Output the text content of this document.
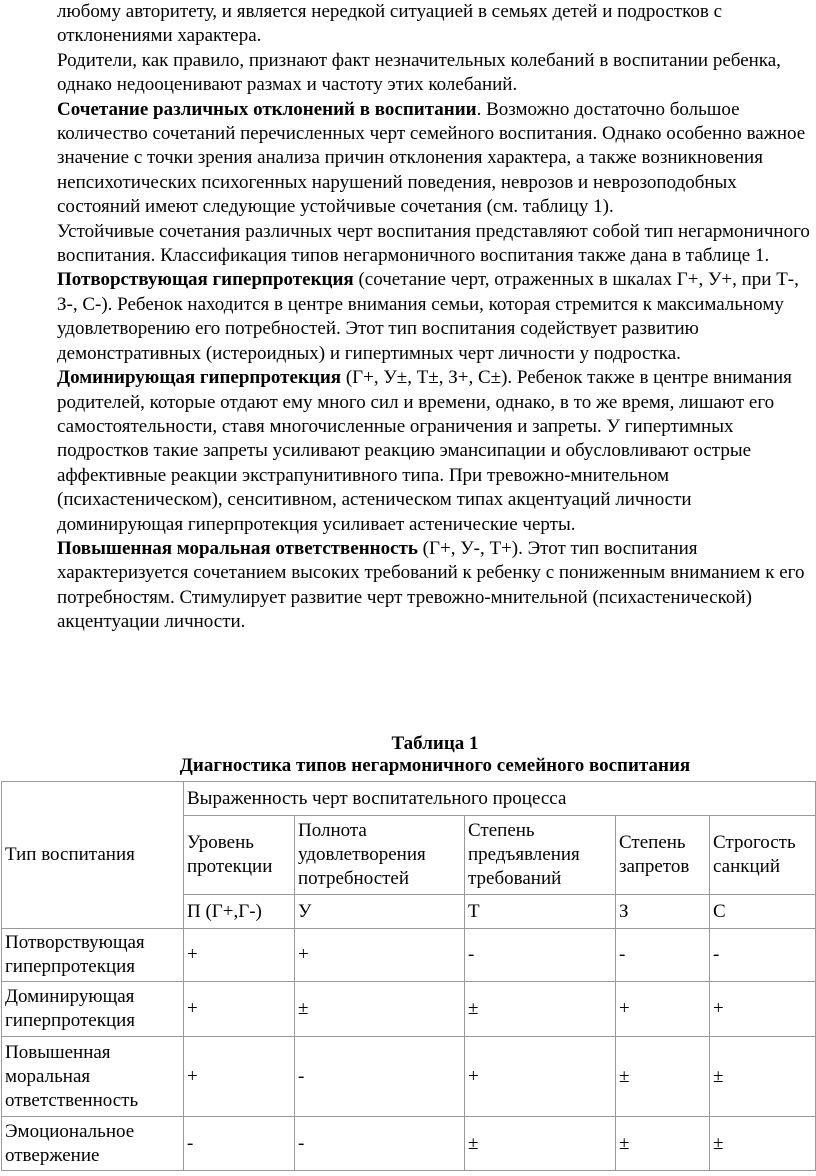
любому авторитету, и является нередкой ситуацией в семьях детей и подростков с отклонениями характера.

Родители, как правило, признают факт незначительных колебаний в воспитании ребенка, однако недооценивают размах и частоту этих колебаний.

Сочетание различных отклонений в воспитании. Возможно достаточно большое количество сочетаний перечисленных черт семейного воспитания. Однако особенно важное значение с точки зрения анализа причин отклонения характера, а также возникновения непсихотических психогенных нарушений поведения, неврозов и неврозоподобных состояний имеют следующие устойчивые сочетания (см. таблицу 1).

Устойчивые сочетания различных черт воспитания представляют собой тип негармоничного воспитания. Классификация типов негармоничного воспитания также дана в таблице 1.

Потворствующая гиперпротекция (сочетание черт, отраженных в шкалах Г+, У+, при Т-, З-, С-). Ребенок находится в центре внимания семьи, которая стремится к максимальному удовлетворению его потребностей. Этот тип воспитания содействует развитию демонстративных (истероидных) и гипертимных черт личности у подростка.

Доминирующая гиперпротекция (Г+, У±, Т±, З+, С±). Ребенок также в центре внимания родителей, которые отдают ему много сил и времени, однако, в то же время, лишают его самостоятельности, ставя многочисленные ограничения и запреты. У гипертимных подростков такие запреты усиливают реакцию эмансипации и обусловливают острые аффективные реакции экстрапунитивного типа. При тревожно-мнительном (психастеническом), сенситивном, астеническом типах акцентуаций личности доминирующая гиперпротекция усиливает астенические черты.

Повышенная моральная ответственность (Г+, У-, Т+). Этот тип воспитания характеризуется сочетанием высоких требований к ребенку с пониженным вниманием к его потребностям. Стимулирует развитие черт тревожно-мнительной (психастенической) акцентуации личности.

Таблица 1
Диагностика типов негармоничного семейного воспитания
Тип воспитания	Выраженность черт воспитательного процесса				
	Уровень протекции	Полнота удовлетворения потребностей	Степень предъявления требований	Степень запретов	Строгость санкций
	П (Г+,Г-)	У	Т	З	С
Потворствующая гиперпротекция	+	+	-	-	-
Доминирующая гиперпротекция	+	±	±	+	+
Повышенная моральная ответственность	+	-	+	±	±
Эмоциональное отвержение	-	-	±	±	±
